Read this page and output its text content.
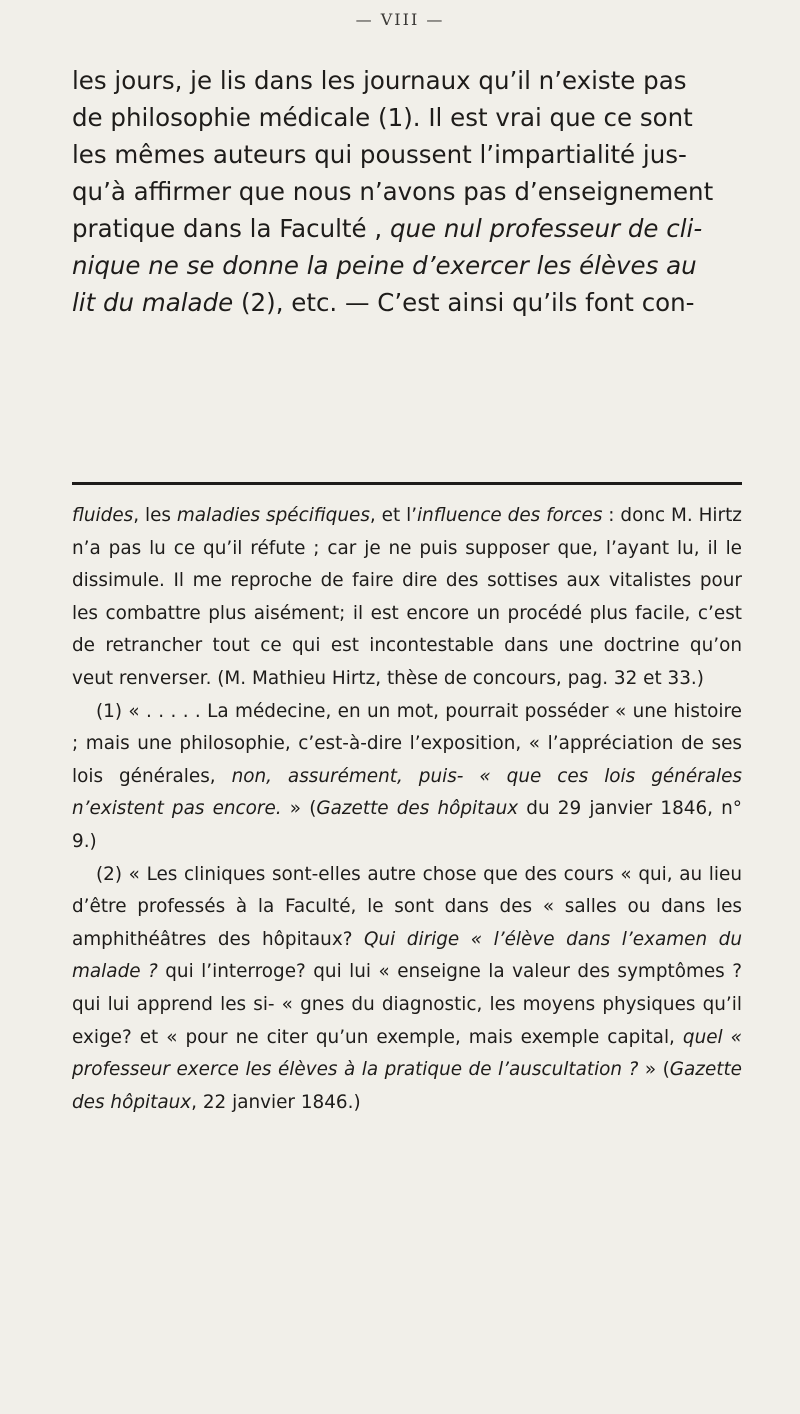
— VIII —

les jours, je lis dans les journaux qu’il n’existe pas

de philosophie médicale (1). Il est vrai que ce sont

les mêmes auteurs qui poussent l’impartialité jus-

qu’à affirmer que nous n’avons pas d’enseignement

pratique dans la Faculté , que nul professeur de cli-

nique ne se donne la peine d’exercer les élèves au

lit du malade (2), etc. — C’est ainsi qu’ils font con-

fluides, les maladies spécifiques, et l’influence des forces : donc M. Hirtz n’a pas lu ce qu’il réfute ; car je ne puis supposer que, l’ayant lu, il le dissimule. Il me reproche de faire dire des sottises aux vitalistes pour les combattre plus aisément; il est encore un procédé plus facile, c’est de retrancher tout ce qui est incontestable dans une doctrine qu’on veut renverser. (M. Mathieu Hirtz, thèse de concours, pag. 32 et 33.)

(1) « . . . . . La médecine, en un mot, pourrait posséder « une histoire ; mais une philosophie, c’est-à-dire l’exposition, « l’appréciation de ses lois générales, non, assurément, puis- « que ces lois générales n’existent pas encore. » (Gazette des hôpitaux du 29 janvier 1846, n° 9.)

(2) « Les cliniques sont-elles autre chose que des cours « qui, au lieu d’être professés à la Faculté, le sont dans des « salles ou dans les amphithéâtres des hôpitaux? Qui dirige « l’élève dans l’examen du malade ? qui l’interroge? qui lui « enseigne la valeur des symptômes ? qui lui apprend les si- « gnes du diagnostic, les moyens physiques qu’il exige? et « pour ne citer qu’un exemple, mais exemple capital, quel « professeur exerce les élèves à la pratique de l’auscultation ? » (Gazette des hôpitaux, 22 janvier 1846.)
